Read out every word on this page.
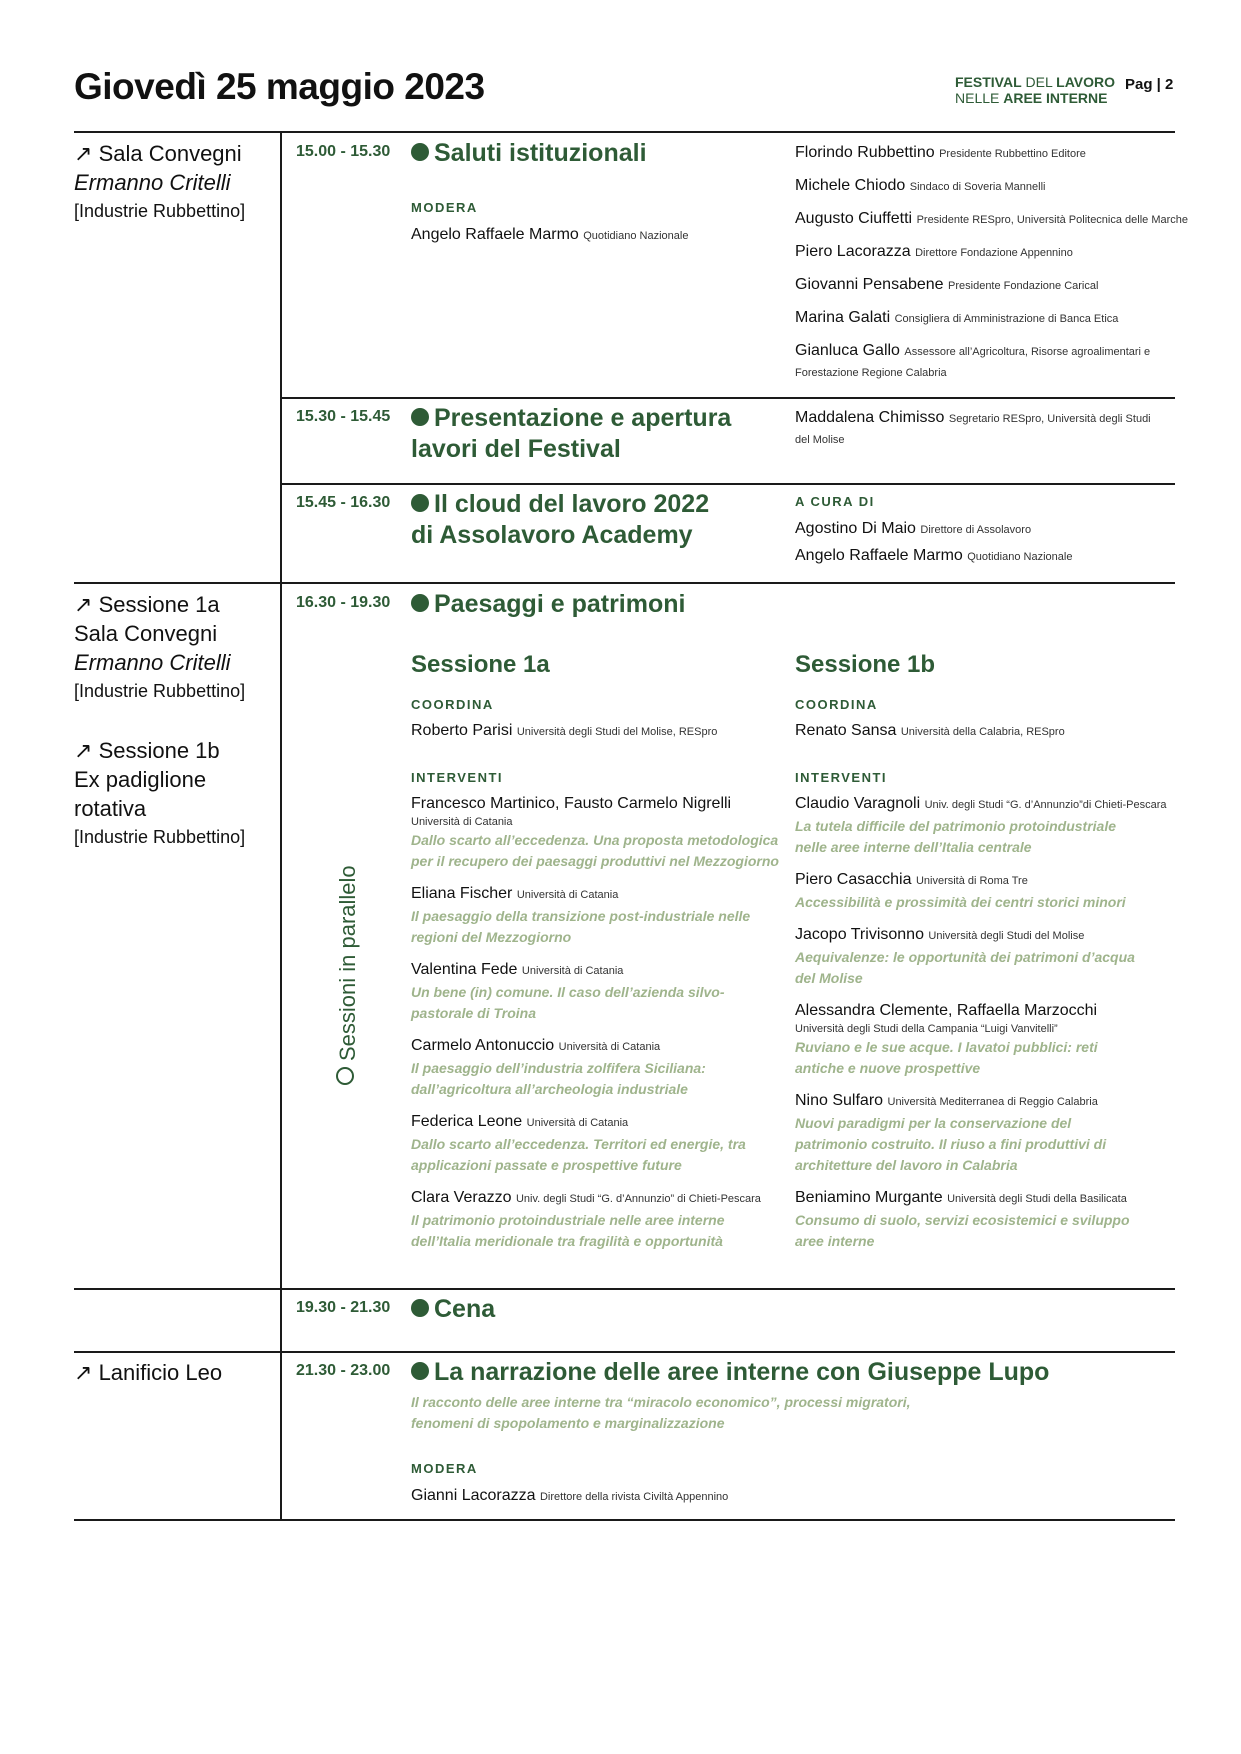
Giovedì 25 maggio 2023	FESTIVAL DEL LAVORO
NELLE AREE INTERNE
Pag | 2
↗ Sala Convegni
Ermanno Critelli
[Industrie Rubbettino]
↗ Sessione 1a
Sala Convegni
Ermanno Critelli
[Industrie Rubbettino]
↗ Sessione 1b
Ex padiglione
rotativa
[Industrie Rubbettino]
↗ Lanificio Leo
15.00 - 15.30
15.30 - 15.45
15.45 - 16.30
16.30 - 19.30
19.30 - 21.30
21.30 - 23.00
Sessioni in parallelo
Saluti istituzionali
MODERA
Angelo Raffaele Marmo Quotidiano Nazionale
Florindo Rubbettino Presidente Rubbettino Editore
Michele Chiodo Sindaco di Soveria Mannelli
Augusto Ciuffetti Presidente RESpro, Università Politecnica delle Marche
Piero Lacorazza Direttore Fondazione Appennino
Giovanni Pensabene Presidente Fondazione Carical
Marina Galati Consigliera di Amministrazione di Banca Etica
Gianluca Gallo Assessore all’Agricoltura, Risorse agroalimentari e
Forestazione Regione Calabria
Presentazione e apertura
lavori del Festival
Maddalena Chimisso Segretario RESpro, Università degli Studi
del Molise
Il cloud del lavoro 2022
di Assolavoro Academy
A CURA DI
Agostino Di Maio Direttore di Assolavoro
Angelo Raffaele Marmo Quotidiano Nazionale
Paesaggi e patrimoni
Sessione 1a
COORDINA
Roberto Parisi Università degli Studi del Molise, RESpro
INTERVENTI
Francesco Martinico, Fausto Carmelo Nigrelli
Università di Catania
Dallo scarto all’eccedenza. Una proposta metodologica per il recupero dei paesaggi produttivi nel Mezzogiorno
Eliana Fischer Università di Catania
Il paesaggio della transizione post-industriale nelle regioni del Mezzogiorno
Valentina Fede Università di Catania
Un bene (in) comune. Il caso dell’azienda silvo-pastorale di Troina
Carmelo Antonuccio Università di Catania
Il paesaggio dell’industria zolfifera Siciliana: dall’agricoltura all’archeologia industriale
Federica Leone Università di Catania
Dallo scarto all’eccedenza. Territori ed energie, tra applicazioni passate e prospettive future
Clara Verazzo Univ. degli Studi “G. d’Annunzio” di Chieti-Pescara
Il patrimonio protoindustriale nelle aree interne dell’Italia meridionale tra fragilità e opportunità
Sessione 1b
COORDINA
Renato Sansa Università della Calabria, RESpro
INTERVENTI
Claudio Varagnoli Univ. degli Studi “G. d’Annunzio”di Chieti-Pescara
La tutela difficile del patrimonio protoindustriale nelle aree interne dell’Italia centrale
Piero Casacchia Università di Roma Tre
Accessibilità e prossimità dei centri storici minori
Jacopo Trivisonno Università degli Studi del Molise
Aequivalenze: le opportunità dei patrimoni d’acqua del Molise
Alessandra Clemente, Raffaella Marzocchi
Università degli Studi della Campania “Luigi Vanvitelli”
Ruviano e le sue acque. I lavatoi pubblici: reti antiche e nuove prospettive
Nino Sulfaro Università Mediterranea di Reggio Calabria
Nuovi paradigmi per la conservazione del patrimonio costruito. Il riuso a fini produttivi di architetture del lavoro in Calabria
Beniamino Murgante Università degli Studi della Basilicata
Consumo di suolo, servizi ecosistemici e sviluppo aree interne
Cena
La narrazione delle aree interne con Giuseppe Lupo
Il racconto delle aree interne tra “miracolo economico”, processi migratori,
fenomeni di spopolamento e marginalizzazione
MODERA
Gianni Lacorazza Direttore della rivista Civiltà Appennino
